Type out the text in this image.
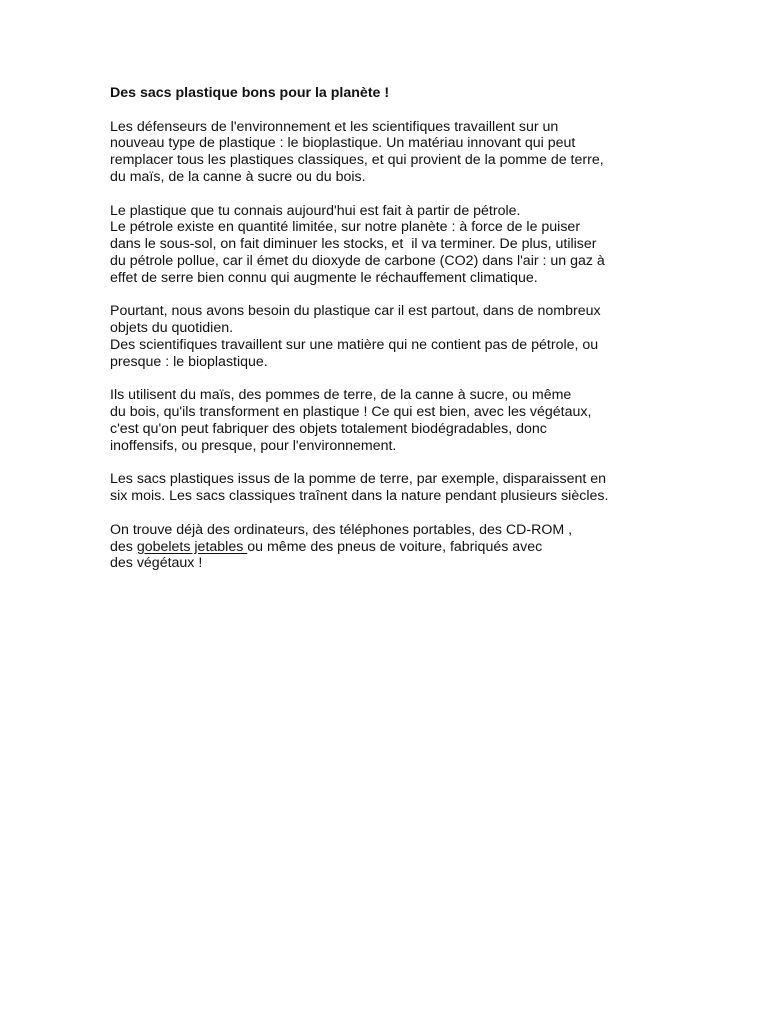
Des sacs plastique bons pour la planète !
Les défenseurs de l'environnement et les scientifiques travaillent sur un
nouveau type de plastique : le bioplastique. Un matériau innovant qui peut
remplacer tous les plastiques classiques, et qui provient de la pomme de terre,
du maïs, de la canne à sucre ou du bois.
Le plastique que tu connais aujourd'hui est fait à partir de pétrole.
Le pétrole existe en quantité limitée, sur notre planète : à force de le puiser
dans le sous-sol, on fait diminuer les stocks, et  il va terminer. De plus, utiliser
du pétrole pollue, car il émet du dioxyde de carbone (CO2) dans l'air : un gaz à
effet de serre bien connu qui augmente le réchauffement climatique.
Pourtant, nous avons besoin du plastique car il est partout, dans de nombreux
objets du quotidien.
Des scientifiques travaillent sur une matière qui ne contient pas de pétrole, ou
presque : le bioplastique.
Ils utilisent du maïs, des pommes de terre, de la canne à sucre, ou même
du bois, qu'ils transforment en plastique ! Ce qui est bien, avec les végétaux,
c'est qu'on peut fabriquer des objets totalement biodégradables, donc
inoffensifs, ou presque, pour l'environnement.
Les sacs plastiques issus de la pomme de terre, par exemple, disparaissent en
six mois. Les sacs classiques traînent dans la nature pendant plusieurs siècles.
On trouve déjà des ordinateurs, des téléphones portables, des CD-ROM ,
des gobelets jetables ou même des pneus de voiture, fabriqués avec
des végétaux !
